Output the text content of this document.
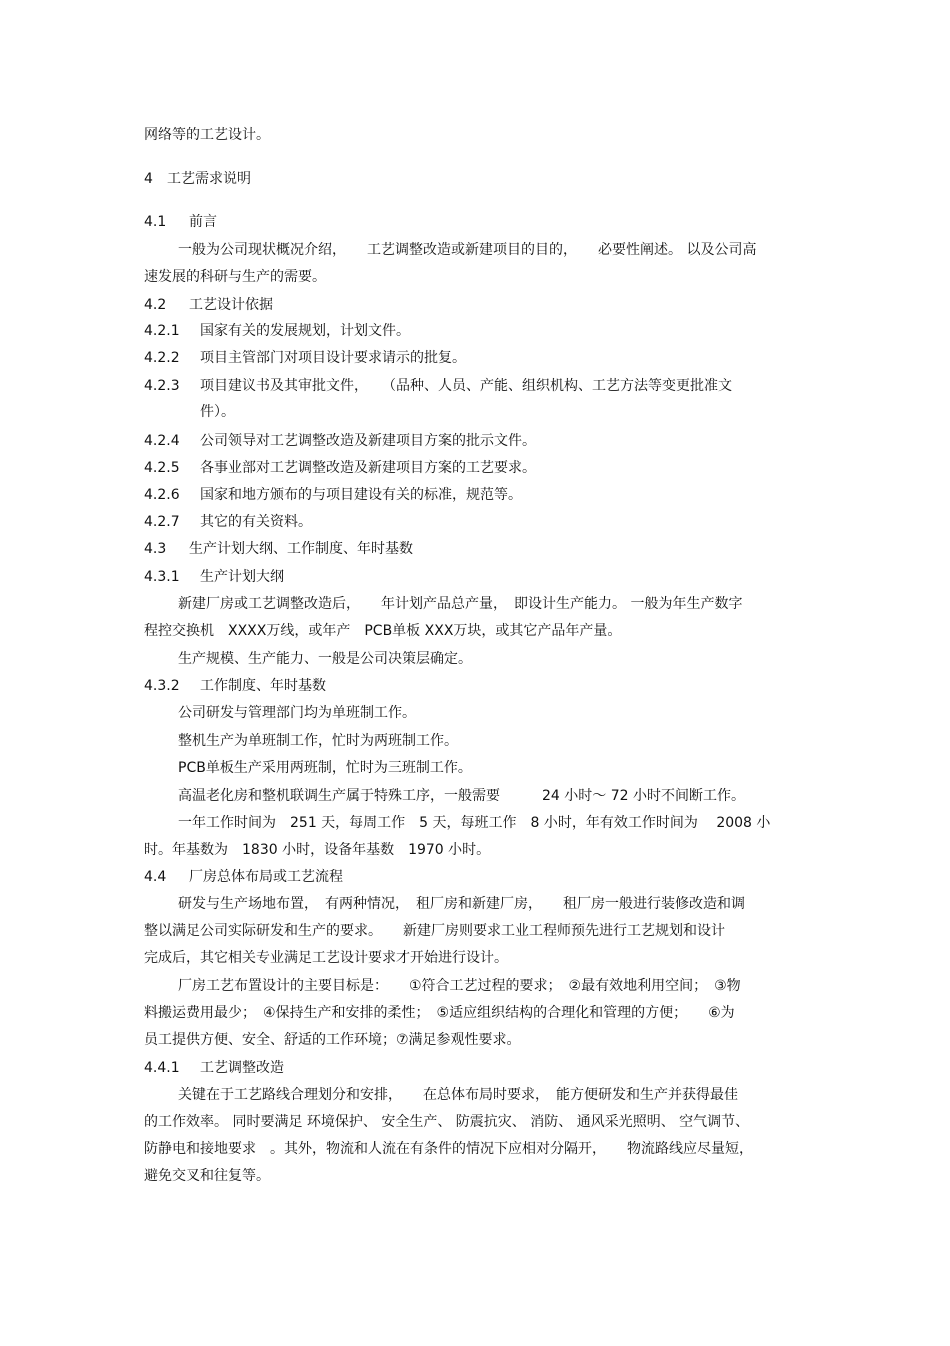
网络等的工艺设计。
4 工艺需求说明
4.1 前言
一般为公司现状概况介绍，　　工艺调整改造或新建项目的目的，　　必要性阐述。 以及公司高
速发展的科研与生产的需要。
4.2 工艺设计依据
4.2.1 国家有关的发展规划，计划文件。
4.2.2 项目主管部门对项目设计要求请示的批复。
4.2.3 项目建议书及其审批文件，　　（品种、人员、产能、组织机构、工艺方法等变更批准文
件）。
4.2.4 公司领导对工艺调整改造及新建项目方案的批示文件。
4.2.5 各事业部对工艺调整改造及新建项目方案的工艺要求。
4.2.6 国家和地方颁布的与项目建设有关的标准，规范等。
4.2.7 其它的有关资料。
4.3 生产计划大纲、工作制度、年时基数
4.3.1 生产计划大纲
新建厂房或工艺调整改造后，　　年计划产品总产量，　即设计生产能力。 一般为年生产数字
程控交换机　XXXX万线，或年产　PCB单板 XXX万块，或其它产品年产量。
生产规模、生产能力、一般是公司决策层确定。
4.3.2 工作制度、年时基数
公司研发与管理部门均为单班制工作。
整机生产为单班制工作，忙时为两班制工作。
PCB单板生产采用两班制，忙时为三班制工作。
高温老化房和整机联调生产属于特殊工序，一般需要　　　24 小时～ 72 小时不间断工作。
一年工作时间为　251 天，每周工作　5 天，每班工作　8 小时，年有效工作时间为　 2008 小
时。年基数为　1830 小时，设备年基数　1970 小时。
4.4 厂房总体布局或工艺流程
研发与生产场地布置，　有两种情况，　租厂房和新建厂房，　　租厂房一般进行装修改造和调
整以满足公司实际研发和生产的要求。　　新建厂房则要求工业工程师预先进行工艺规划和设计
完成后，其它相关专业满足工艺设计要求才开始进行设计。
厂房工艺布置设计的主要目标是：　　①符合工艺过程的要求；　②最有效地利用空间；　③物
料搬运费用最少；　④保持生产和安排的柔性；　⑤适应组织结构的合理化和管理的方便；　　⑥为
员工提供方便、安全、舒适的工作环境；⑦满足参观性要求。
4.4.1 工艺调整改造
关键在于工艺路线合理划分和安排，　　在总体布局时要求，　能方便研发和生产并获得最佳
的工作效率。 同时要满足 环境保护、 安全生产、 防震抗灾、 消防、 通风采光照明、 空气调节、
防静电和接地要求　。其外，物流和人流在有条件的情况下应相对分隔开，　　物流路线应尽量短，
避免交叉和往复等。
